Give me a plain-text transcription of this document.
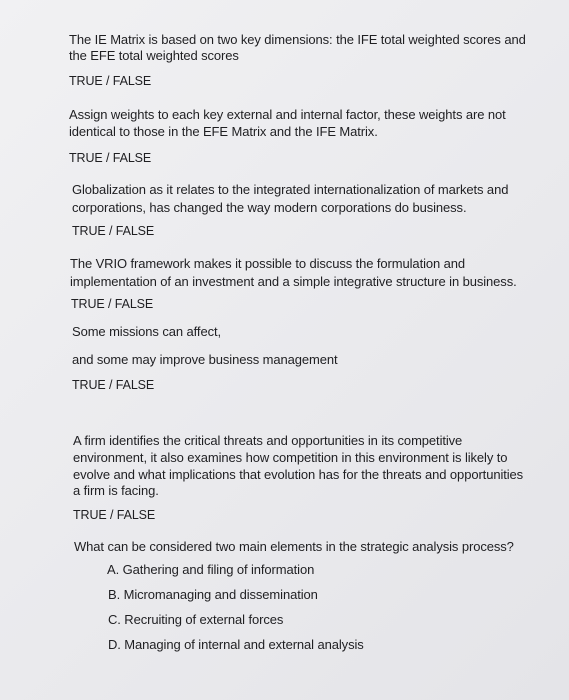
The IE Matrix is based on two key dimensions: the IFE total weighted scores and
the EFE total weighted scores
TRUE / FALSE
Assign weights to each key external and internal factor, these weights are not
identical to those in the EFE Matrix and the IFE Matrix.
TRUE / FALSE
Globalization as it relates to the integrated internationalization of markets and
corporations, has changed the way modern corporations do business.
TRUE / FALSE
The VRIO framework makes it possible to discuss the formulation and
implementation of an investment and a simple integrative structure in business.
TRUE / FALSE
Some missions can affect,
and some may improve business management
TRUE / FALSE
A firm identifies the critical threats and opportunities in its competitive
environment, it also examines how competition in this environment is likely to
evolve and what implications that evolution has for the threats and opportunities
a firm is facing.
TRUE / FALSE
What can be considered two main elements in the strategic analysis process?
A. Gathering and filing of information
B. Micromanaging and dissemination
C. Recruiting of external forces
D. Managing of internal and external analysis
